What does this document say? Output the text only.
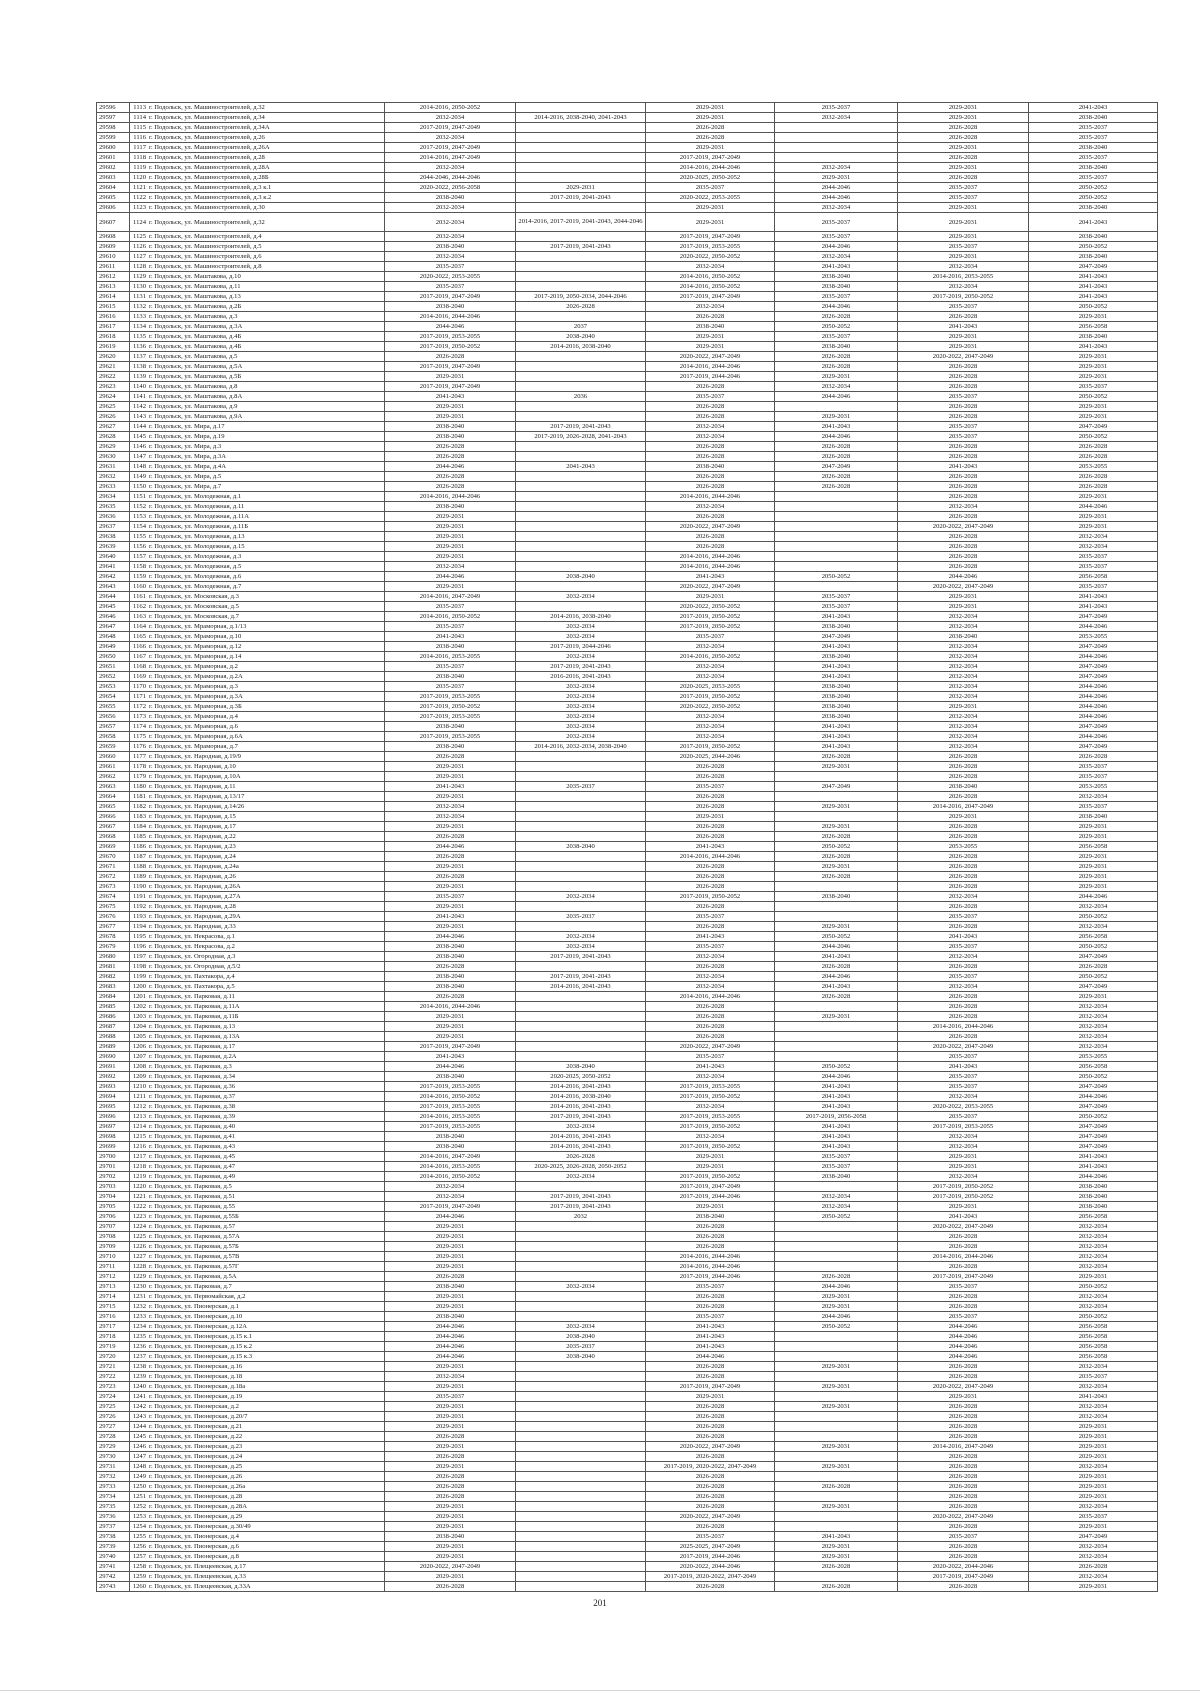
29596	1113	г. Подольск, ул. Машиностроителей, д.32	2014-2016, 2050-2052		2029-2031	2035-2037	2029-2031	2041-2043
29597	1114	г. Подольск, ул. Машиностроителей, д.34	2032-2034	2014-2016, 2038-2040, 2041-2043	2029-2031	2032-2034	2029-2031	2038-2040
29598	1115	г. Подольск, ул. Машиностроителей, д.34А	2017-2019, 2047-2049		2026-2028		2026-2028	2035-2037
29599	1116	г. Подольск, ул. Машиностроителей, д.26	2032-2034		2026-2028		2026-2028	2035-2037
29600	1117	г. Подольск, ул. Машиностроителей, д.26А	2017-2019, 2047-2049		2029-2031		2029-2031	2038-2040
29601	1118	г. Подольск, ул. Машиностроителей, д.28	2014-2016, 2047-2049		2017-2019, 2047-2049		2026-2028	2035-2037
29602	1119	г. Подольск, ул. Машиностроителей, д.28А	2032-2034		2014-2016, 2044-2046	2032-2034	2029-2031	2038-2040
29603	1120	г. Подольск, ул. Машиностроителей, д.28Б	2044-2046, 2044-2046		2020-2025, 2050-2052	2029-2031	2026-2028	2035-2037
29604	1121	г. Подольск, ул. Машиностроителей, д.3 к.1	2020-2022, 2056-2058	2029-2031	2035-2037	2044-2046	2035-2037	2050-2052
29605	1122	г. Подольск, ул. Машиностроителей, д.3 к.2	2038-2040	2017-2019, 2041-2043	2020-2022, 2053-2055	2044-2046	2035-2037	2050-2052
29606	1123	г. Подольск, ул. Машиностроителей, д.30	2032-2034		2029-2031	2032-2034	2029-2031	2038-2040
29607	1124	г. Подольск, ул. Машиностроителей, д.32	2032-2034	2014-2016, 2017-2019, 2041-2043, 2044-2046	2029-2031	2035-2037	2029-2031	2041-2043
29608	1125	г. Подольск, ул. Машиностроителей, д.4	2032-2034		2017-2019, 2047-2049	2035-2037	2029-2031	2038-2040
29609	1126	г. Подольск, ул. Машиностроителей, д.5	2038-2040	2017-2019, 2041-2043	2017-2019, 2053-2055	2044-2046	2035-2037	2050-2052
29610	1127	г. Подольск, ул. Машиностроителей, д.6	2032-2034		2020-2022, 2050-2052	2032-2034	2029-2031	2038-2040
29611	1128	г. Подольск, ул. Машиностроителей, д.8	2035-2037		2032-2034	2041-2043	2032-2034	2047-2049
29612	1129	г. Подольск, ул. Маштакова, д.10	2020-2022, 2053-2055		2014-2016, 2050-2052	2038-2040	2014-2016, 2053-2055	2041-2043
29613	1130	г. Подольск, ул. Маштакова, д.11	2035-2037		2014-2016, 2050-2052	2038-2040	2032-2034	2041-2043
29614	1131	г. Подольск, ул. Маштакова, д.13	2017-2019, 2047-2049	2017-2019, 2050-2034, 2044-2046	2017-2019, 2047-2049	2035-2037	2017-2019, 2050-2052	2041-2043
29615	1132	г. Подольск, ул. Маштакова, д.2Б	2038-2040	2026-2028	2032-2034	2044-2046	2035-2037	2050-2052
29616	1133	г. Подольск, ул. Маштакова, д.3	2014-2016, 2044-2046		2026-2028	2026-2028	2026-2028	2029-2031
29617	1134	г. Подольск, ул. Маштакова, д.3А	2044-2046	2037	2038-2040	2050-2052	2041-2043	2056-2058
29618	1135	г. Подольск, ул. Маштакова, д.4Б	2017-2019, 2053-2055	2038-2040	2029-2031	2035-2037	2029-2031	2038-2040
29619	1136	г. Подольск, ул. Маштакова, д.4Б	2017-2019, 2050-2052	2014-2016, 2038-2040	2029-2031	2038-2040	2029-2031	2041-2043
29620	1137	г. Подольск, ул. Маштакова, д.5	2026-2028		2020-2022, 2047-2049	2026-2028	2020-2022, 2047-2049	2029-2031
29621	1138	г. Подольск, ул. Маштакова, д.5А	2017-2019, 2047-2049		2014-2016, 2044-2046	2026-2028	2026-2028	2029-2031
29622	1139	г. Подольск, ул. Маштакова, д.5Б	2029-2031		2017-2019, 2044-2046	2029-2031	2026-2028	2029-2031
29623	1140	г. Подольск, ул. Маштакова, д.8	2017-2019, 2047-2049		2026-2028	2032-2034	2026-2028	2035-2037
29624	1141	г. Подольск, ул. Маштакова, д.8А	2041-2043	2036	2035-2037	2044-2046	2035-2037	2050-2052
29625	1142	г. Подольск, ул. Маштакова, д.9	2029-2031		2026-2028		2026-2028	2029-2031
29626	1143	г. Подольск, ул. Маштакова, д.9А	2029-2031		2026-2028	2029-2031	2026-2028	2029-2031
29627	1144	г. Подольск, ул. Мира, д.17	2038-2040	2017-2019, 2041-2043	2032-2034	2041-2043	2035-2037	2047-2049
29628	1145	г. Подольск, ул. Мира, д.19	2038-2040	2017-2019, 2026-2028, 2041-2043	2032-2034	2044-2046	2035-2037	2050-2052
29629	1146	г. Подольск, ул. Мира, д.3	2026-2028		2026-2028	2026-2028	2026-2028	2026-2028
29630	1147	г. Подольск, ул. Мира, д.3А	2026-2028		2026-2028	2026-2028	2026-2028	2026-2028
29631	1148	г. Подольск, ул. Мира, д.4А	2044-2046	2041-2043	2038-2040	2047-2049	2041-2043	2053-2055
29632	1149	г. Подольск, ул. Мира, д.5	2026-2028		2026-2028	2026-2028	2026-2028	2026-2028
29633	1150	г. Подольск, ул. Мира, д.7	2026-2028		2026-2028	2026-2028	2026-2028	2026-2028
29634	1151	г. Подольск, ул. Молодежная, д.1	2014-2016, 2044-2046		2014-2016, 2044-2046		2026-2028	2029-2031
29635	1152	г. Подольск, ул. Молодежная, д.11	2038-2040		2032-2034		2032-2034	2044-2046
29636	1153	г. Подольск, ул. Молодежная, д.11А	2029-2031		2026-2028		2026-2028	2029-2031
29637	1154	г. Подольск, ул. Молодежная, д.11Б	2029-2031		2020-2022, 2047-2049		2020-2022, 2047-2049	2029-2031
29638	1155	г. Подольск, ул. Молодежная, д.13	2029-2031		2026-2028		2026-2028	2032-2034
29639	1156	г. Подольск, ул. Молодежная, д.15	2029-2031		2026-2028		2026-2028	2032-2034
29640	1157	г. Подольск, ул. Молодежная, д.3	2029-2031		2014-2016, 2044-2046		2026-2028	2035-2037
29641	1158	г. Подольск, ул. Молодежная, д.5	2032-2034		2014-2016, 2044-2046		2026-2028	2035-2037
29642	1159	г. Подольск, ул. Молодежная, д.6	2044-2046	2038-2040	2041-2043	2050-2052	2044-2046	2056-2058
29643	1160	г. Подольск, ул. Молодежная, д.7	2029-2031		2020-2022, 2047-2049		2020-2022, 2047-2049	2035-2037
29644	1161	г. Подольск, ул. Московская, д.3	2014-2016, 2047-2049	2032-2034	2029-2031	2035-2037	2029-2031	2041-2043
29645	1162	г. Подольск, ул. Московская, д.5	2035-2037		2020-2022, 2050-2052	2035-2037	2029-2031	2041-2043
29646	1163	г. Подольск, ул. Московская, д.7	2014-2016, 2050-2052	2014-2016, 2038-2040	2017-2019, 2050-2052	2041-2043	2032-2034	2047-2049
29647	1164	г. Подольск, ул. Мраморная, д.1/13	2035-2037	2032-2034	2017-2019, 2050-2052	2038-2040	2032-2034	2044-2046
29648	1165	г. Подольск, ул. Мраморная, д.10	2041-2043	2032-2034	2035-2037	2047-2049	2038-2040	2053-2055
29649	1166	г. Подольск, ул. Мраморная, д.12	2038-2040	2017-2019, 2044-2046	2032-2034	2041-2043	2032-2034	2047-2049
29650	1167	г. Подольск, ул. Мраморная, д.14	2014-2016, 2053-2055	2032-2034	2014-2016, 2050-2052	2038-2040	2032-2034	2044-2046
29651	1168	г. Подольск, ул. Мраморная, д.2	2035-2037	2017-2019, 2041-2043	2032-2034	2041-2043	2032-2034	2047-2049
29652	1169	г. Подольск, ул. Мраморная, д.2А	2038-2040	2016-2016, 2041-2043	2032-2034	2041-2043	2032-2034	2047-2049
29653	1170	г. Подольск, ул. Мраморная, д.3	2035-2037	2032-2034	2020-2025, 2053-2055	2038-2040	2032-2034	2044-2046
29654	1171	г. Подольск, ул. Мраморная, д.3А	2017-2019, 2053-2055	2032-2034	2017-2019, 2050-2052	2038-2040	2032-2034	2044-2046
29655	1172	г. Подольск, ул. Мраморная, д.3Б	2017-2019, 2050-2052	2032-2034	2020-2022, 2050-2052	2038-2040	2029-2031	2044-2046
29656	1173	г. Подольск, ул. Мраморная, д.4	2017-2019, 2053-2055	2032-2034	2032-2034	2038-2040	2032-2034	2044-2046
29657	1174	г. Подольск, ул. Мраморная, д.6	2038-2040	2032-2034	2032-2034	2041-2043	2032-2034	2047-2049
29658	1175	г. Подольск, ул. Мраморная, д.6А	2017-2019, 2053-2055	2032-2034	2032-2034	2041-2043	2032-2034	2044-2046
29659	1176	г. Подольск, ул. Мраморная, д.7	2038-2040	2014-2016, 2032-2034, 2038-2040	2017-2019, 2050-2052	2041-2043	2032-2034	2047-2049
29660	1177	г. Подольск, ул. Народная, д.19/9	2026-2028		2020-2025, 2044-2046	2026-2028	2026-2028	2026-2028
29661	1178	г. Подольск, ул. Народная, д.10	2029-2031		2026-2028	2029-2031	2026-2028	2035-2037
29662	1179	г. Подольск, ул. Народная, д.10А	2029-2031		2026-2028		2026-2028	2035-2037
29663	1180	г. Подольск, ул. Народная, д.11	2041-2043	2035-2037	2035-2037	2047-2049	2038-2040	2053-2055
29664	1181	г. Подольск, ул. Народная, д.13/17	2029-2031		2026-2028		2026-2028	2032-2034
29665	1182	г. Подольск, ул. Народная, д.14/26	2032-2034		2026-2028	2029-2031	2014-2016, 2047-2049	2035-2037
29666	1183	г. Подольск, ул. Народная, д.15	2032-2034		2029-2031		2029-2031	2038-2040
29667	1184	г. Подольск, ул. Народная, д.17	2029-2031		2026-2028	2029-2031	2026-2028	2029-2031
29668	1185	г. Подольск, ул. Народная, д.22	2026-2028		2026-2028	2026-2028	2026-2028	2029-2031
29669	1186	г. Подольск, ул. Народная, д.23	2044-2046	2038-2040	2041-2043	2050-2052	2053-2055	2056-2058
29670	1187	г. Подольск, ул. Народная, д.24	2026-2028		2014-2016, 2044-2046	2026-2028	2026-2028	2029-2031
29671	1188	г. Подольск, ул. Народная, д.24а	2029-2031		2026-2028	2029-2031	2026-2028	2029-2031
29672	1189	г. Подольск, ул. Народная, д.26	2026-2028		2026-2028	2026-2028	2026-2028	2029-2031
29673	1190	г. Подольск, ул. Народная, д.26А	2029-2031		2026-2028		2026-2028	2029-2031
29674	1191	г. Подольск, ул. Народная, д.27А	2035-2037	2032-2034	2017-2019, 2050-2052	2038-2040	2032-2034	2044-2046
29675	1192	г. Подольск, ул. Народная, д.28	2029-2031		2026-2028		2026-2028	2032-2034
29676	1193	г. Подольск, ул. Народная, д.29А	2041-2043	2035-2037	2035-2037		2035-2037	2050-2052
29677	1194	г. Подольск, ул. Народная, д.33	2029-2031		2026-2028	2029-2031	2026-2028	2032-2034
29678	1195	г. Подольск, ул. Некрасова, д.1	2044-2046	2032-2034	2041-2043	2050-2052	2041-2043	2056-2058
29679	1196	г. Подольск, ул. Некрасова, д.2	2038-2040	2032-2034	2035-2037	2044-2046	2035-2037	2050-2052
29680	1197	г. Подольск, ул. Огородная, д.3	2038-2040	2017-2019, 2041-2043	2032-2034	2041-2043	2032-2034	2047-2049
29681	1198	г. Подольск, ул. Огородная, д.5/2	2026-2028		2026-2028	2026-2028	2026-2028	2026-2028
29682	1199	г. Подольск, ул. Пахтакора, д.4	2038-2040	2017-2019, 2041-2043	2032-2034	2044-2046	2035-2037	2050-2052
29683	1200	г. Подольск, ул. Пахтакора, д.5	2038-2040	2014-2016, 2041-2043	2032-2034	2041-2043	2032-2034	2047-2049
29684	1201	г. Подольск, ул. Парковая, д.11	2026-2028		2014-2016, 2044-2046	2026-2028	2026-2028	2029-2031
29685	1202	г. Подольск, ул. Парковая, д.11А	2014-2016, 2044-2046		2026-2028		2026-2028	2032-2034
29686	1203	г. Подольск, ул. Парковая, д.11Б	2029-2031		2026-2028	2029-2031	2026-2028	2032-2034
29687	1204	г. Подольск, ул. Парковая, д.13	2029-2031		2026-2028		2014-2016, 2044-2046	2032-2034
29688	1205	г. Подольск, ул. Парковая, д.13А	2029-2031		2026-2028		2026-2028	2032-2034
29689	1206	г. Подольск, ул. Парковая, д.17	2017-2019, 2047-2049		2020-2022, 2047-2049		2020-2022, 2047-2049	2032-2034
29690	1207	г. Подольск, ул. Парковая, д.2А	2041-2043		2035-2037		2035-2037	2053-2055
29691	1208	г. Подольск, ул. Парковая, д.3	2044-2046	2038-2040	2041-2043	2050-2052	2041-2043	2056-2058
29692	1209	г. Подольск, ул. Парковая, д.34	2038-2040	2020-2025, 2050-2052	2032-2034	2044-2046	2035-2037	2050-2052
29693	1210	г. Подольск, ул. Парковая, д.36	2017-2019, 2053-2055	2014-2016, 2041-2043	2017-2019, 2053-2055	2041-2043	2035-2037	2047-2049
29694	1211	г. Подольск, ул. Парковая, д.37	2014-2016, 2050-2052	2014-2016, 2038-2040	2017-2019, 2050-2052	2041-2043	2032-2034	2044-2046
29695	1212	г. Подольск, ул. Парковая, д.38	2017-2019, 2053-2055	2014-2016, 2041-2043	2032-2034	2041-2043	2020-2022, 2053-2055	2047-2049
29696	1213	г. Подольск, ул. Парковая, д.39	2014-2016, 2053-2055	2017-2019, 2041-2043	2017-2019, 2053-2055	2017-2019, 2056-2058	2035-2037	2050-2052
29697	1214	г. Подольск, ул. Парковая, д.40	2017-2019, 2053-2055	2032-2034	2017-2019, 2050-2052	2041-2043	2017-2019, 2053-2055	2047-2049
29698	1215	г. Подольск, ул. Парковая, д.41	2038-2040	2014-2016, 2041-2043	2032-2034	2041-2043	2032-2034	2047-2049
29699	1216	г. Подольск, ул. Парковая, д.43	2038-2040	2014-2016, 2041-2043	2017-2019, 2050-2052	2041-2043	2032-2034	2047-2049
29700	1217	г. Подольск, ул. Парковая, д.45	2014-2016, 2047-2049	2026-2028	2029-2031	2035-2037	2029-2031	2041-2043
29701	1218	г. Подольск, ул. Парковая, д.47	2014-2016, 2053-2055	2020-2025, 2026-2028, 2050-2052	2029-2031	2035-2037	2029-2031	2041-2043
29702	1219	г. Подольск, ул. Парковая, д.49	2014-2016, 2050-2052	2032-2034	2017-2019, 2050-2052	2038-2040	2032-2034	2044-2046
29703	1220	г. Подольск, ул. Парковая, д.5	2032-2034		2017-2019, 2047-2049		2017-2019, 2050-2052	2038-2040
29704	1221	г. Подольск, ул. Парковая, д.51	2032-2034	2017-2019, 2041-2043	2017-2019, 2044-2046	2032-2034	2017-2019, 2050-2052	2038-2040
29705	1222	г. Подольск, ул. Парковая, д.55	2017-2019, 2047-2049	2017-2019, 2041-2043	2029-2031	2032-2034	2029-2031	2038-2040
29706	1223	г. Подольск, ул. Парковая, д.55Б	2044-2046	2032	2038-2040	2050-2052	2041-2043	2056-2058
29707	1224	г. Подольск, ул. Парковая, д.57	2029-2031		2026-2028		2020-2022, 2047-2049	2032-2034
29708	1225	г. Подольск, ул. Парковая, д.57А	2029-2031		2026-2028		2026-2028	2032-2034
29709	1226	г. Подольск, ул. Парковая, д.57Б	2029-2031		2026-2028		2026-2028	2032-2034
29710	1227	г. Подольск, ул. Парковая, д.57В	2029-2031		2014-2016, 2044-2046		2014-2016, 2044-2046	2032-2034
29711	1228	г. Подольск, ул. Парковая, д.57Г	2029-2031		2014-2016, 2044-2046		2026-2028	2032-2034
29712	1229	г. Подольск, ул. Парковая, д.5А	2026-2028		2017-2019, 2044-2046	2026-2028	2017-2019, 2047-2049	2029-2031
29713	1230	г. Подольск, ул. Парковая, д.7	2038-2040	2032-2034	2035-2037	2044-2046	2035-2037	2050-2052
29714	1231	г. Подольск, ул. Первомайская, д.2	2029-2031		2026-2028	2029-2031	2026-2028	2032-2034
29715	1232	г. Подольск, ул. Пионерская, д.1	2029-2031		2026-2028	2029-2031	2026-2028	2032-2034
29716	1233	г. Подольск, ул. Пионерская, д.10	2038-2040		2035-2037	2044-2046	2035-2037	2050-2052
29717	1234	г. Подольск, ул. Пионерская, д.12А	2044-2046	2032-2034	2041-2043	2050-2052	2044-2046	2056-2058
29718	1235	г. Подольск, ул. Пионерская, д.15 к.1	2044-2046	2038-2040	2041-2043		2044-2046	2056-2058
29719	1236	г. Подольск, ул. Пионерская, д.15 к.2	2044-2046	2035-2037	2041-2043		2044-2046	2056-2058
29720	1237	г. Подольск, ул. Пионерская, д.15 к.3	2044-2046	2038-2040	2044-2046		2044-2046	2056-2058
29721	1238	г. Подольск, ул. Пионерская, д.16	2029-2031		2026-2028	2029-2031	2026-2028	2032-2034
29722	1239	г. Подольск, ул. Пионерская, д.18	2032-2034		2026-2028		2026-2028	2035-2037
29723	1240	г. Подольск, ул. Пионерская, д.18а	2029-2031		2017-2019, 2047-2049	2029-2031	2020-2022, 2047-2049	2032-2034
29724	1241	г. Подольск, ул. Пионерская, д.19	2035-2037		2029-2031		2029-2031	2041-2043
29725	1242	г. Подольск, ул. Пионерская, д.2	2029-2031		2026-2028	2029-2031	2026-2028	2032-2034
29726	1243	г. Подольск, ул. Пионерская, д.20/7	2029-2031		2026-2028		2026-2028	2032-2034
29727	1244	г. Подольск, ул. Пионерская, д.21	2029-2031		2026-2028		2026-2028	2029-2031
29728	1245	г. Подольск, ул. Пионерская, д.22	2026-2028		2026-2028		2026-2028	2029-2031
29729	1246	г. Подольск, ул. Пионерская, д.23	2029-2031		2020-2022, 2047-2049	2029-2031	2014-2016, 2047-2049	2029-2031
29730	1247	г. Подольск, ул. Пионерская, д.24	2026-2028		2026-2028		2026-2028	2029-2031
29731	1248	г. Подольск, ул. Пионерская, д.25	2029-2031		2017-2019, 2020-2022, 2047-2049	2029-2031	2026-2028	2032-2034
29732	1249	г. Подольск, ул. Пионерская, д.26	2026-2028		2026-2028		2026-2028	2029-2031
29733	1250	г. Подольск, ул. Пионерская, д.26а	2026-2028		2026-2028	2026-2028	2026-2028	2029-2031
29734	1251	г. Подольск, ул. Пионерская, д.28	2026-2028		2026-2028		2026-2028	2029-2031
29735	1252	г. Подольск, ул. Пионерская, д.28А	2029-2031		2026-2028	2029-2031	2026-2028	2032-2034
29736	1253	г. Подольск, ул. Пионерская, д.29	2029-2031		2020-2022, 2047-2049		2020-2022, 2047-2049	2035-2037
29737	1254	г. Подольск, ул. Пионерская, д.30/49	2029-2031		2026-2028		2026-2028	2029-2031
29738	1255	г. Подольск, ул. Пионерская, д.4	2038-2040		2035-2037	2041-2043	2035-2037	2047-2049
29739	1256	г. Подольск, ул. Пионерская, д.6	2029-2031		2025-2025, 2047-2049	2029-2031	2026-2028	2032-2034
29740	1257	г. Подольск, ул. Пионерская, д.8	2029-2031		2017-2019, 2044-2046	2029-2031	2026-2028	2032-2034
29741	1258	г. Подольск, ул. Плещеевская, д.17	2020-2022, 2047-2049		2020-2022, 2044-2046	2026-2028	2020-2022, 2044-2046	2026-2028
29742	1259	г. Подольск, ул. Плещеевская, д.33	2029-2031		2017-2019, 2020-2022, 2047-2049		2017-2019, 2047-2049	2032-2034
29743	1260	г. Подольск, ул. Плещеевская, д.33А	2026-2028		2026-2028	2026-2028	2026-2028	2029-2031
201
